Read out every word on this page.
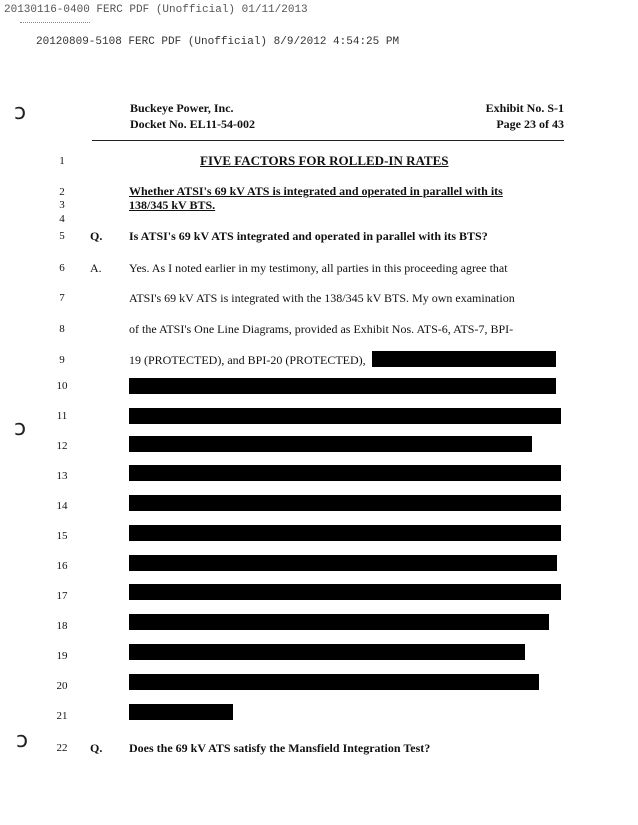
20130116-0400 FERC PDF (Unofficial) 01/11/2013
20120809-5108 FERC PDF (Unofficial) 8/9/2012 4:54:25 PM
Buckeye Power, Inc.
Docket No. EL11-54-002
Exhibit No. S-1
Page 23 of 43
ↄ
ↄ
ↄ
1	FIVE FACTORS FOR ROLLED-IN RATES
2	Whether ATSI's 69 kV ATS is integrated and operated in parallel with its
3	138/345 kV BTS.
4
5	Q. Is ATSI's 69 kV ATS integrated and operated in parallel with its BTS?
6	A. Yes. As I noted earlier in my testimony, all parties in this proceeding agree that
7	ATSI's 69 kV ATS is integrated with the 138/345 kV BTS. My own examination
8	of the ATSI's One Line Diagrams, provided as Exhibit Nos. ATS-6, ATS-7, BPI-
9	19 (PROTECTED), and BPI-20 (PROTECTED),
10
11
12
13
14
15
16
17
18
19
20
21
22	Q. Does the 69 kV ATS satisfy the Mansfield Integration Test?
